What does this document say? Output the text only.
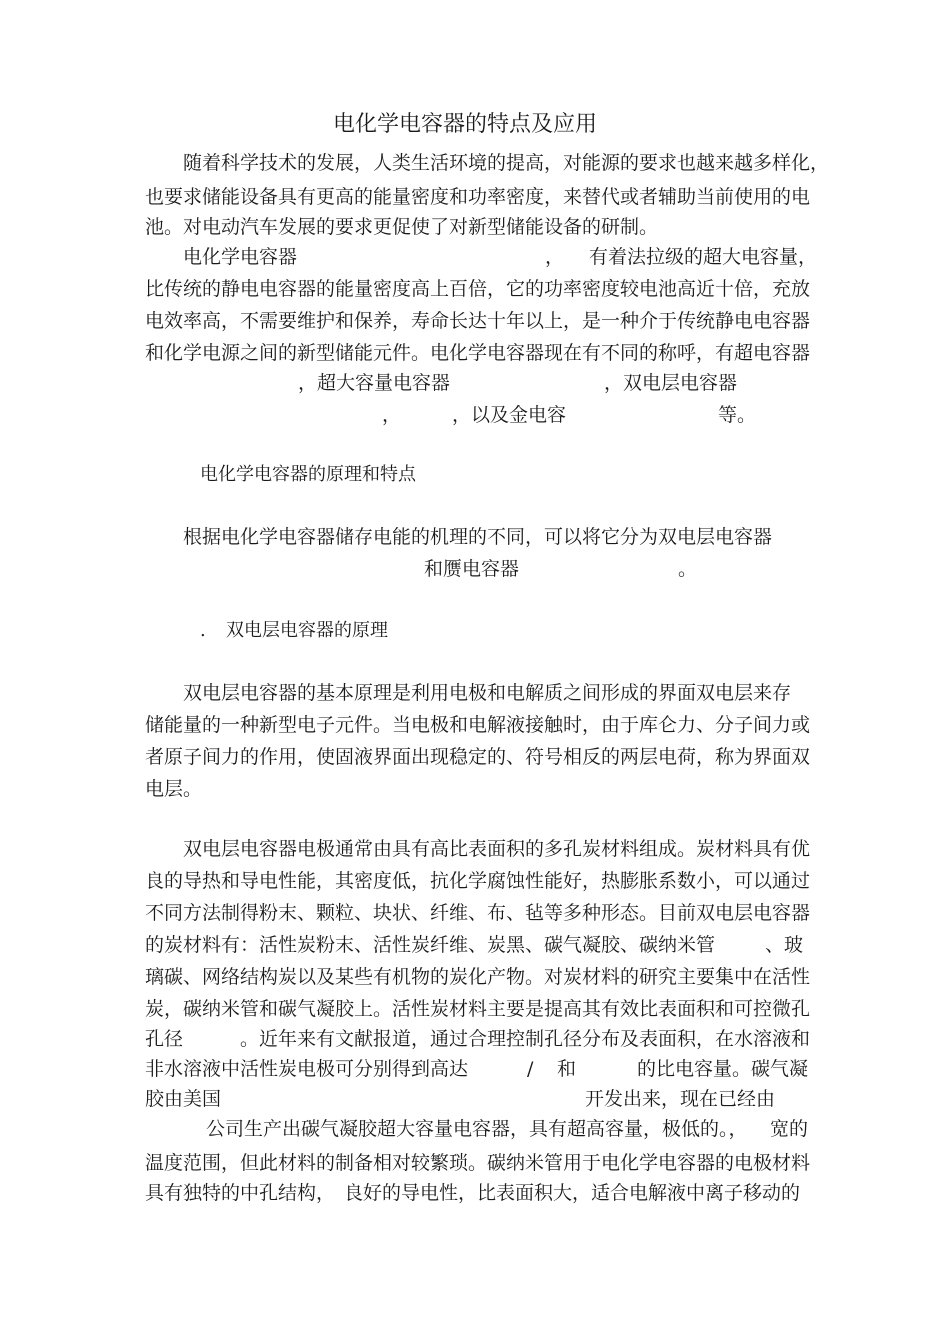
电化学电容器的特点及应用
随着科学技术的发展，人类生活环境的提高，对能源的要求也越来越多样化，
也要求储能设备具有更高的能量密度和功率密度，来替代或者辅助当前使用的电
池。对电动汽车发展的要求更促使了对新型储能设备的研制。
电化学电容器	， 有着法拉级的超大电容量，
比传统的静电电容器的能量密度高上百倍，它的功率密度较电池高近十倍，充放
电效率高，不需要维护和保养，寿命长达十年以上，是一种介于传统静电电容器
和化学电源之间的新型储能元件。电化学电容器现在有不同的称呼，有超电容器
，超大容量电容器	，双电层电容器
，	，以及金电容	等。
电化学电容器的原理和特点
根据电化学电容器储存电能的机理的不同，可以将它分为双电层电容器
和赝电容器	。
. 双电层电容器的原理
双电层电容器的基本原理是利用电极和电解质之间形成的界面双电层来存
储能量的一种新型电子元件。当电极和电解液接触时，由于库仑力、分子间力或
者原子间力的作用，使固液界面出现稳定的、符号相反的两层电荷，称为界面双
电层。
双电层电容器电极通常由具有高比表面积的多孔炭材料组成。炭材料具有优
良的导热和导电性能，其密度低，抗化学腐蚀性能好，热膨胀系数小，可以通过
不同方法制得粉末、颗粒、块状、纤维、布、毡等多种形态。目前双电层电容器
的炭材料有：活性炭粉末、活性炭纤维、炭黑、碳气凝胶、碳纳米管	、玻
璃碳、网络结构炭以及某些有机物的炭化产物。对炭材料的研究主要集中在活性
炭，碳纳米管和碳气凝胶上。活性炭材料主要是提高其有效比表面积和可控微孔
孔径	。近年来有文献报道，通过合理控制孔径分布及表面积，在水溶液和
非水溶液中活性炭电极可分别得到高达	/ 和	的比电容量。碳气凝
胶由美国	开发出来，现在已经由
公司生产出碳气凝胶超大容量电容器，具有超高容量，极低的。， 宽的
温度范围，但此材料的制备相对较繁琐。碳纳米管用于电化学电容器的电极材料
具有独特的中孔结构， 良好的导电性，比表面积大，适合电解液中离子移动的
